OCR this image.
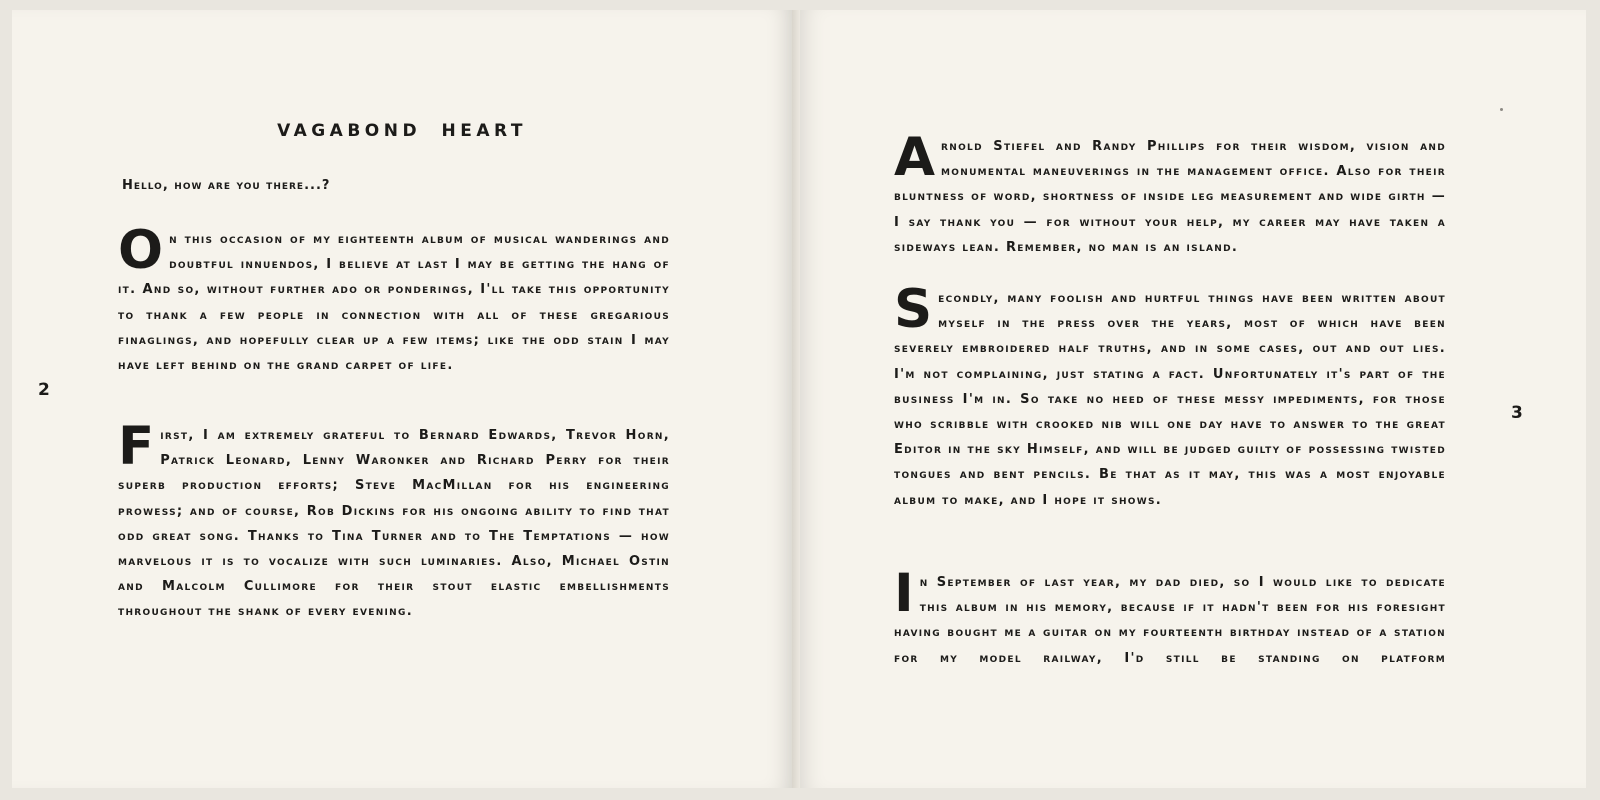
VAGABOND HEART
Hello, how are you there...?
On this occasion of my eighteenth album of musical wanderings and doubtful innuendos, I believe at last I may be getting the hang of it. And so, without further ado or ponderings, I'll take this opportunity to thank a few people in connection with all of these gregarious finaglings, and hopefully clear up a few items; like the odd stain I may have left behind on the grand carpet of life.
First, I am extremely grateful to Bernard Edwards, Trevor Horn, Patrick Leonard, Lenny Waronker and Richard Perry for their superb production efforts; Steve MacMillan for his engineering prowess; and of course, Rob Dickins for his ongoing ability to find that odd great song. Thanks to Tina Turner and to The Temptations — how marvelous it is to vocalize with such luminaries. Also, Michael Ostin and Malcolm Cullimore for their stout elastic embellishments throughout the shank of every evening.
2
Arnold Stiefel and Randy Phillips for their wisdom, vision and monumental maneuverings in the management office. Also for their bluntness of word, shortness of inside leg measurement and wide girth — I say thank you — for without your help, my career may have taken a sideways lean. Remember, no man is an island.
Secondly, many foolish and hurtful things have been written about myself in the press over the years, most of which have been severely embroidered half truths, and in some cases, out and out lies. I'm not complaining, just stating a fact. Unfortunately it's part of the business I'm in. So take no heed of these messy impediments, for those who scribble with crooked nib will one day have to answer to the great Editor in the sky Himself, and will be judged guilty of possessing twisted tongues and bent pencils. Be that as it may, this was a most enjoyable album to make, and I hope it shows.
In September of last year, my dad died, so I would like to dedicate this album in his memory, because if it hadn't been for his foresight having bought me a guitar on my fourteenth birthday instead of a station for my model railway, I'd still be standing on platform
3
